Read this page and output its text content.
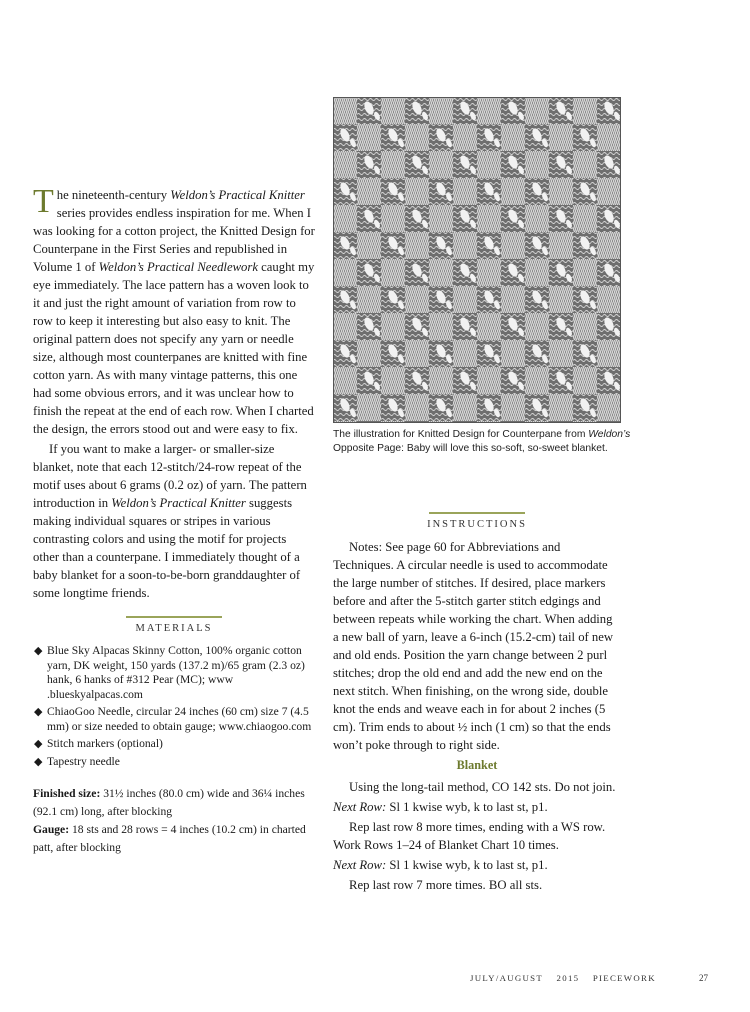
The nineteenth-century Weldon’s Practical Knitter series provides endless inspiration for me. When I was looking for a cotton project, the Knitted Design for Counterpane in the First Series and republished in Volume 1 of Weldon’s Practical Needlework caught my eye immediately. The lace pattern has a woven look to it and just the right amount of variation from row to row to keep it interesting but also easy to knit. The original pattern does not specify any yarn or needle size, although most counterpanes are knitted with fine cotton yarn. As with many vintage patterns, this one had some obvious errors, and it was unclear how to finish the repeat at the end of each row. When I charted the design, the errors stood out and were easy to fix.

If you want to make a larger- or smaller-size blanket, note that each 12-stitch/24-row repeat of the motif uses about 6 grams (0.2 oz) of yarn. The pattern introduction in Weldon’s Practical Knitter suggests making individual squares or stripes in various contrasting colors and using the motif for projects other than a counterpane. I immediately thought of a baby blanket for a soon-to-be-born granddaughter of some longtime friends.

MATERIALS
◆ Blue Sky Alpacas Skinny Cotton, 100% organic cotton yarn, DK weight, 150 yards (137.2 m)/65 gram (2.3 oz) hank, 6 hanks of #312 Pear (MC); www .blueskyalpacas.com
◆ ChiaoGoo Needle, circular 24 inches (60 cm) size 7 (4.5 mm) or size needed to obtain gauge; www.chiaogoo.com
◆ Stitch markers (optional)
◆ Tapestry needle

Finished size: 31½ inches (80.0 cm) wide and 36¼ inches (92.1 cm) long, after blocking

Gauge: 18 sts and 28 rows = 4 inches (10.2 cm) in charted patt, after blocking

The illustration for Knitted Design for Counterpane from Weldon’s
Opposite Page: Baby will love this so-soft, so-sweet blanket.
INSTRUCTIONS

Notes: See page 60 for Abbreviations and Techniques. A circular needle is used to accommodate the large number of stitches. If desired, place markers before and after the 5-stitch garter stitch edgings and between repeats while working the chart. When adding a new ball of yarn, leave a 6-inch (15.2-cm) tail of new and old ends. Position the yarn change between 2 purl stitches; drop the old end and add the new end on the next stitch. When finishing, on the wrong side, double knot the ends and weave each in for about 2 inches (5 cm). Trim ends to about ½ inch (1 cm) so that the ends won’t poke through to right side.

Blanket

Using the long-tail method, CO 142 sts. Do not join.

Next Row: Sl 1 kwise wyb, k to last st, p1.

Rep last row 8 more times, ending with a WS row. Work Rows 1–24 of Blanket Chart 10 times.

Next Row: Sl 1 kwise wyb, k to last st, p1.

Rep last row 7 more times. BO all sts.

JULY/AUGUST 2015 PIECEWORK	27
